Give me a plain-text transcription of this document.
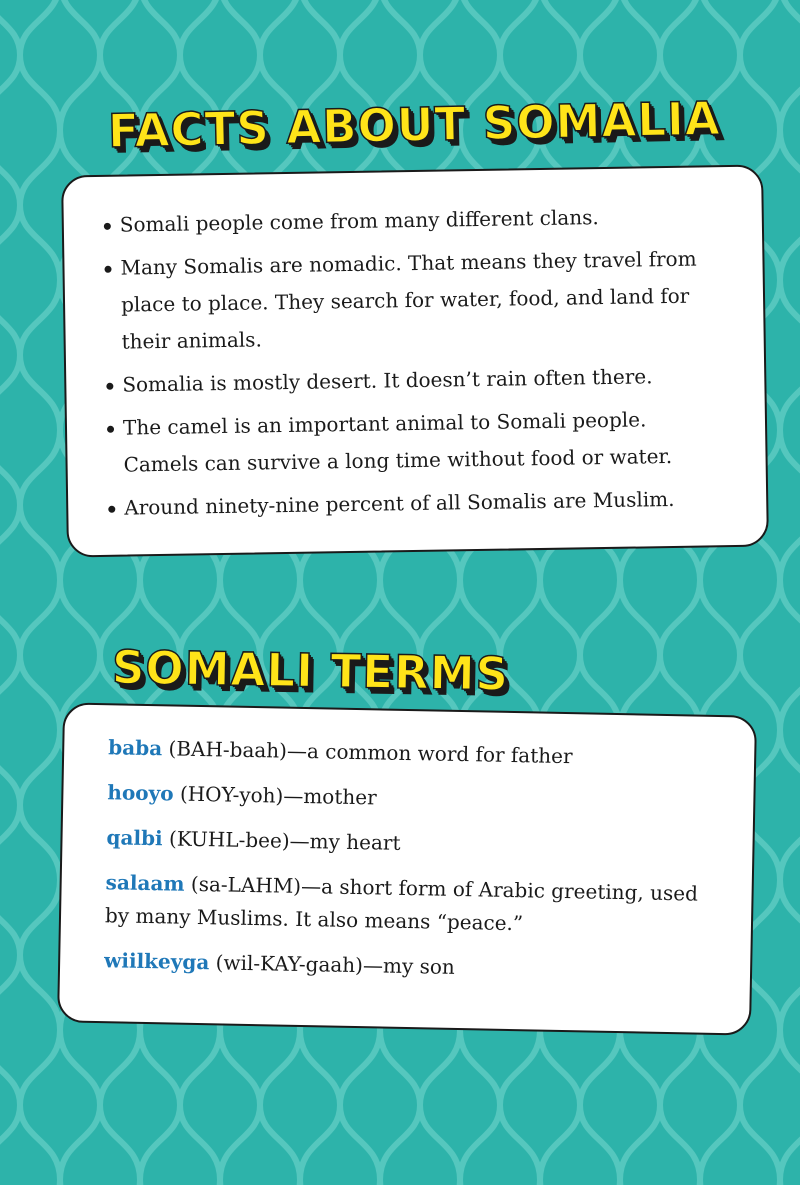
FACTS ABOUT SOMALIA
Somali people come from many different clans.
Many Somalis are nomadic. That means they travel from place to place. They search for water, food, and land for their animals.
Somalia is mostly desert. It doesn’t rain often there.
The camel is an important animal to Somali people. Camels can survive a long time without food or water.
Around ninety-nine percent of all Somalis are Muslim.
SOMALI TERMS

baba (BAH-baah)—a common word for father

hooyo (HOY-yoh)—mother

qalbi (KUHL-bee)—my heart

salaam (sa-LAHM)—a short form of Arabic greeting, used by many Muslims. It also means “peace.”

wiilkeyga (wil-KAY-gaah)—my son
